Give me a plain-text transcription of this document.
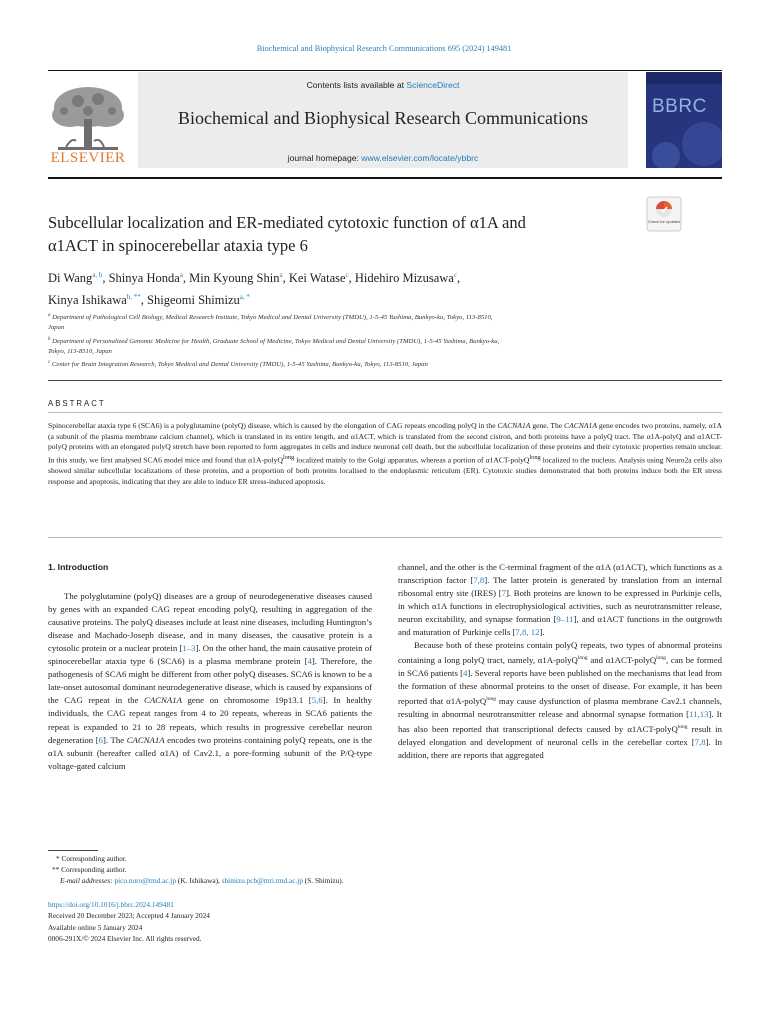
Biochemical and Biophysical Research Communications 695 (2024) 149481
ELSEVIER
Contents lists available at ScienceDirect
Biochemical and Biophysical Research Communications
journal homepage: www.elsevier.com/locate/ybbrc
BBRC
Subcellular localization and ER-mediated cytotoxic function of α1A and
α1ACT in spinocerebellar ataxia type 6
Check for updates
Di Wang$^{a, b}$, Shinya Honda$^a$, Min Kyoung Shin$^a$, Kei Watase$^c$, Hidehiro Mizusawa$^c$,
Kinya Ishikawa$^{b, **}$, Shigeomi Shimizu$^{a, *}$
$^a$ Department of Pathological Cell Biology, Medical Research Institute, Tokyo Medical and Dental University (TMDU), 1-5-45 Yushima, Bunkyo-ku, Tokyo, 113-8510,
Japan
$^b$ Department of Personalized Genomic Medicine for Health, Graduate School of Medicine, Tokyo Medical and Dental University (TMDU), 1-5-45 Yushima, Bunkyo-ku,
Tokyo, 113-8510, Japan
$^c$ Center for Brain Integration Research, Tokyo Medical and Dental University (TMDU), 1-5-45 Yushima, Bunkyo-ku, Tokyo, 113-8510, Japan
ABSTRACT
Spinocerebellar ataxia type 6 (SCA6) is a polyglutamine (polyQ) disease, which is caused by the elongation of CAG repeats encoding polyQ in the CACNA1A gene. The CACNA1A gene encodes two proteins, namely, α1A (a subunit of the plasma membrane calcium channel), which is translated in its entire length, and α1ACT, which is translated from the second cistron, and both proteins have a polyQ tract. The α1A-polyQ and α1ACT-polyQ proteins with an elongated polyQ stretch have been reported to form aggregates in cells and induce neuronal cell death, but the subcellular localization of these proteins and their cytotoxic properties remain unclear. In this study, we first analysed SCA6 model mice and found that α1A-polyQ$^{long}$ localized mainly to the Golgi apparatus, whereas a portion of α1ACT-polyQ$^{long}$ localized to the nucleus. Analysis using Neuro2a cells also showed similar subcellular localizations of these proteins, and a proportion of both proteins localised to the endoplasmic reticulum (ER). Cytotoxic studies demonstrated that both proteins induce both the ER stress response and apoptosis, indicating that they are able to induce ER stress-induced apoptosis.

1. Introduction

The polyglutamine (polyQ) diseases are a group of neurodegenerative diseases caused by genes with an expanded CAG repeat encoding polyQ, resulting in aggregation of the causative proteins. The polyQ diseases include at least nine diseases, including Huntington’s disease and Machado-Joseph disease, and in many diseases, the causative protein is a cytosolic protein or a nuclear protein [1–3]. On the other hand, the main causative protein of spinocerebellar ataxia type 6 (SCA6) is a plasma membrane protein [4]. Therefore, the pathogenesis of SCA6 might be different from other polyQ diseases. SCA6 is known to be a late-onset autosomal dominant neurodegenerative disease, which is caused by expansions of the CAG repeat in the CACNA1A gene on chromosome 19p13.1 [5,6]. In healthy individuals, the CAG repeat ranges from 4 to 20 repeats, whereas in SCA6 patients the repeat is expanded to 21 to 28 repeats, which results in progressive cerebellar neuron degeneration [6]. The CACNA1A encodes two proteins containing polyQ repeats, one is the α1A subunit (hereafter called α1A) of Cav2.1, a pore-forming subunit of the P/Q-type voltage-gated calcium

channel, and the other is the C-terminal fragment of the α1A (α1ACT), which functions as a transcription factor [7,8]. The latter protein is generated by translation from an internal ribosomal entry site (IRES) [7]. Both proteins are known to be expressed in Purkinje cells, in which α1A functions in electrophysiological activities, such as neurotransmitter release, neuron excitability, and synapse formation [9–11], and α1ACT functions in the outgrowth and maturation of Purkinje cells [7,8, 12].

Because both of these proteins contain polyQ repeats, two types of abnormal proteins containing a long polyQ tract, namely, α1A-polyQ$^{long}$ and α1ACT-polyQ$^{long}$, can be formed in SCA6 patients [4]. Several reports have been published on the mechanisms that lead from the formation of these abnormal proteins to the onset of disease. For example, it has been reported that α1A-polyQ$^{long}$ may cause dysfunction of plasma membrane Cav2.1 channels, resulting in abnormal neurotransmitter release and abnormal synapse formation [11,13]. It has also been reported that transcriptional defects caused by α1ACT-polyQ$^{long}$ result in delayed elongation and development of neuronal cells in the cerebellar cortex [7,8]. In addition, there are reports that aggregated

* Corresponding author.
** Corresponding author.
E-mail addresses: pico.nuro@tmd.ac.jp (K. Ishikawa), shimizu.pcb@mri.tmd.ac.jp (S. Shimizu).
https://doi.org/10.1016/j.bbrc.2024.149481
Received 20 December 2023; Accepted 4 January 2024
Available online 5 January 2024
0006-291X/© 2024 Elsevier Inc. All rights reserved.
